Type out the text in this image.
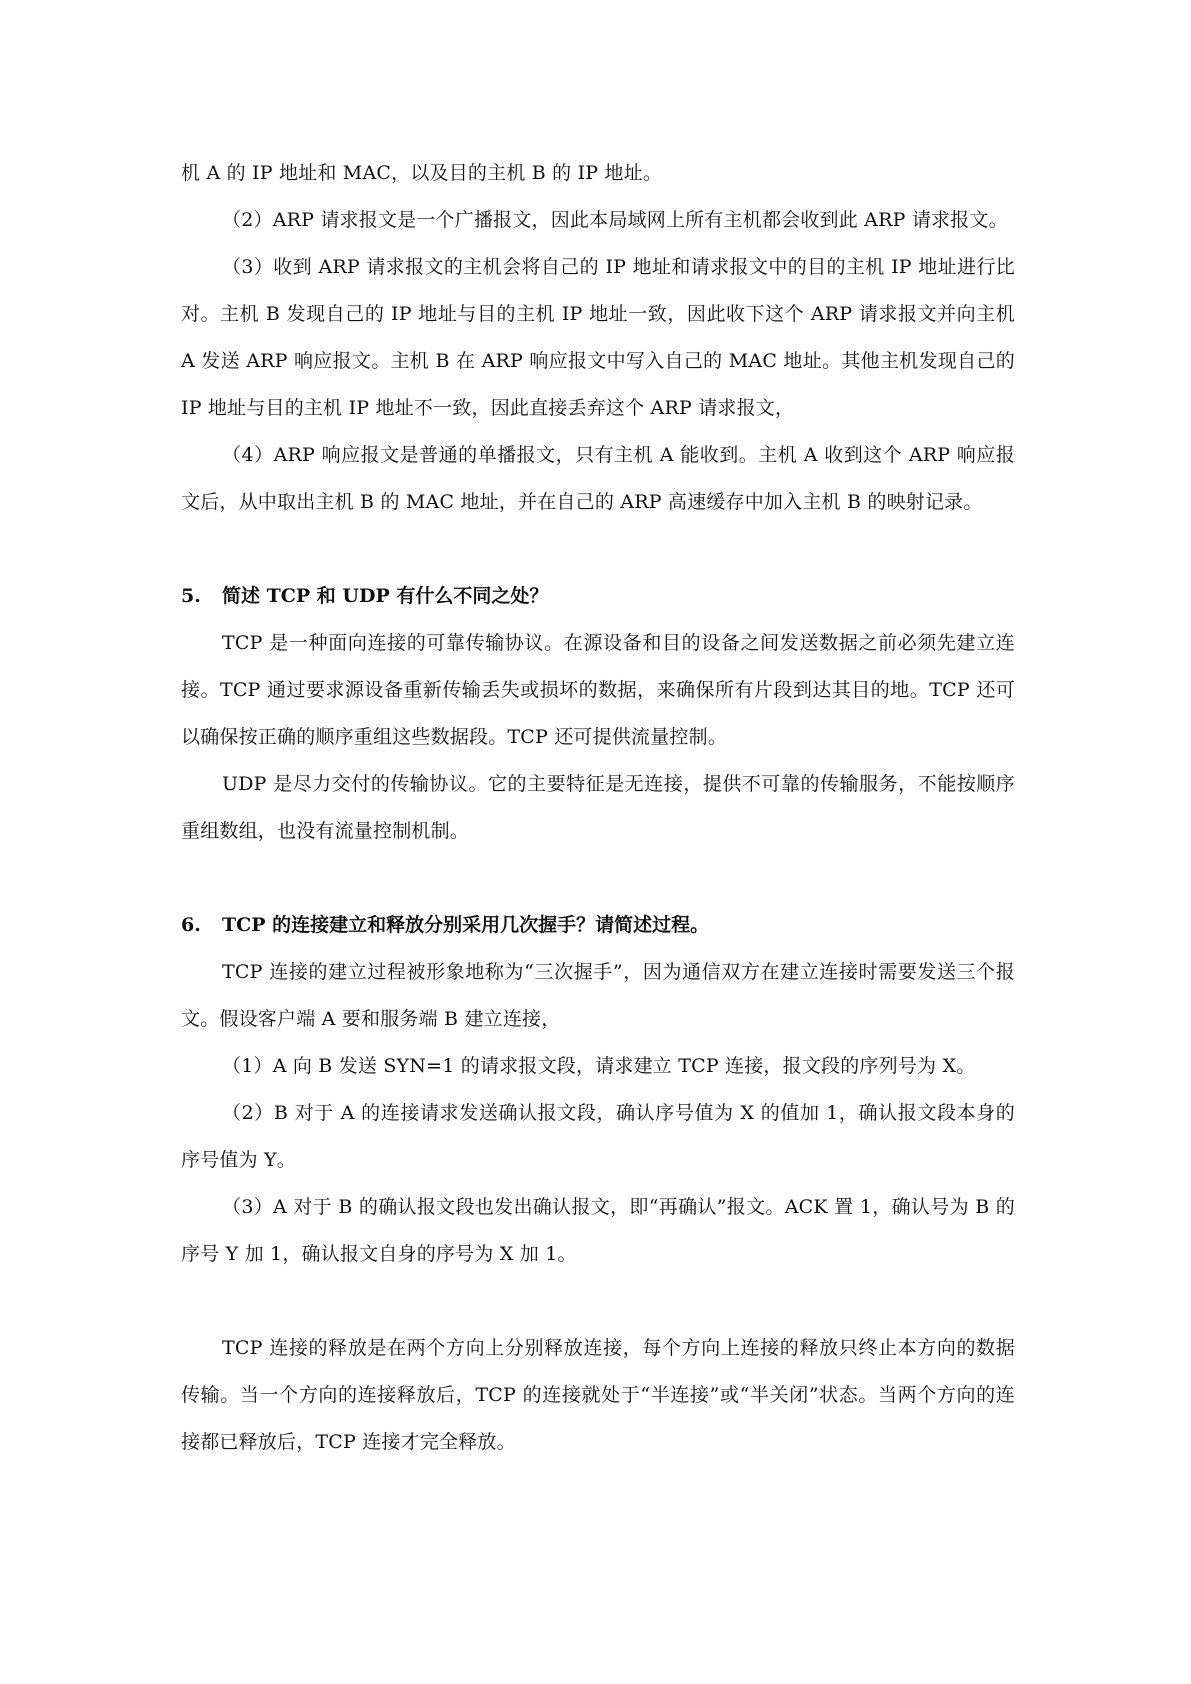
机 A 的 IP 地址和 MAC，以及目的主机 B 的 IP 地址。

（2）ARP 请求报文是一个广播报文，因此本局域网上所有主机都会收到此 ARP 请求报文。

（3）收到 ARP 请求报文的主机会将自己的 IP 地址和请求报文中的目的主机 IP 地址进行比对。主机 B 发现自己的 IP 地址与目的主机 IP 地址一致，因此收下这个 ARP 请求报文并向主机 A 发送 ARP 响应报文。主机 B 在 ARP 响应报文中写入自己的 MAC 地址。其他主机发现自己的 IP 地址与目的主机 IP 地址不一致，因此直接丢弃这个 ARP 请求报文，

（4）ARP 响应报文是普通的单播报文，只有主机 A 能收到。主机 A 收到这个 ARP 响应报文后，从中取出主机 B 的 MAC 地址，并在自己的 ARP 高速缓存中加入主机 B 的映射记录。

5. 简述 TCP 和 UDP 有什么不同之处？

TCP 是一种面向连接的可靠传输协议。在源设备和目的设备之间发送数据之前必须先建立连接。TCP 通过要求源设备重新传输丢失或损坏的数据，来确保所有片段到达其目的地。TCP 还可以确保按正确的顺序重组这些数据段。TCP 还可提供流量控制。

UDP 是尽力交付的传输协议。它的主要特征是无连接，提供不可靠的传输服务，不能按顺序重组数组，也没有流量控制机制。

6. TCP 的连接建立和释放分别采用几次握手？请简述过程。

TCP 连接的建立过程被形象地称为“三次握手”，因为通信双方在建立连接时需要发送三个报文。假设客户端 A 要和服务端 B 建立连接，

（1）A 向 B 发送 SYN=1 的请求报文段，请求建立 TCP 连接，报文段的序列号为 X。

（2）B 对于 A 的连接请求发送确认报文段，确认序号值为 X 的值加 1，确认报文段本身的序号值为 Y。

（3）A 对于 B 的确认报文段也发出确认报文，即“再确认”报文。ACK 置 1，确认号为 B 的序号 Y 加 1，确认报文自身的序号为 X 加 1。

TCP 连接的释放是在两个方向上分别释放连接，每个方向上连接的释放只终止本方向的数据传输。当一个方向的连接释放后，TCP 的连接就处于“半连接”或“半关闭”状态。当两个方向的连接都已释放后，TCP 连接才完全释放。
